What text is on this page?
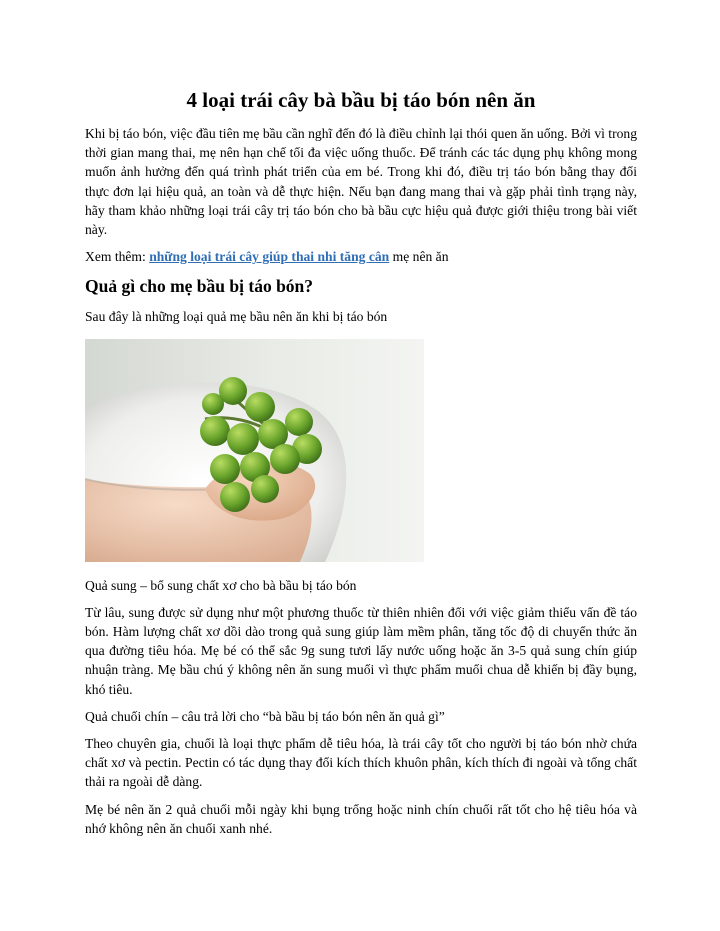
4 loại trái cây bà bầu bị táo bón nên ăn

Khi bị táo bón, việc đầu tiên mẹ bầu cần nghĩ đến đó là điều chỉnh lại thói quen ăn uống. Bởi vì trong thời gian mang thai, mẹ nên hạn chế tối đa việc uống thuốc. Để tránh các tác dụng phụ không mong muốn ảnh hưởng đến quá trình phát triển của em bé. Trong khi đó, điều trị táo bón bằng thay đổi thực đơn lại hiệu quả, an toàn và dễ thực hiện. Nếu bạn đang mang thai và gặp phải tình trạng này, hãy tham khảo những loại trái cây trị táo bón cho bà bầu cực hiệu quả được giới thiệu trong bài viết này.

Xem thêm: những loại trái cây giúp thai nhi tăng cân mẹ nên ăn

Quả gì cho mẹ bầu bị táo bón?

Sau đây là những loại quả mẹ bầu nên ăn khi bị táo bón

Quả sung – bổ sung chất xơ cho bà bầu bị táo bón

Từ lâu, sung được sử dụng như một phương thuốc từ thiên nhiên đối với việc giảm thiểu vấn đề táo bón. Hàm lượng chất xơ dồi dào trong quả sung giúp làm mềm phân, tăng tốc độ di chuyển thức ăn qua đường tiêu hóa. Mẹ bé có thể sắc 9g sung tươi lấy nước uống hoặc ăn 3-5 quả sung chín giúp nhuận tràng. Mẹ bầu chú ý không nên ăn sung muối vì thực phẩm muối chua dễ khiến bị đầy bụng, khó tiêu.

Quả chuối chín – câu trả lời cho “bà bầu bị táo bón nên ăn quả gì”

Theo chuyên gia, chuối là loại thực phẩm dễ tiêu hóa, là trái cây tốt cho người bị táo bón nhờ chứa chất xơ và pectin. Pectin có tác dụng thay đổi kích thích khuôn phân, kích thích đi ngoài và tống chất thải ra ngoài dễ dàng.

Mẹ bé nên ăn 2 quả chuối mỗi ngày khi bụng trống hoặc ninh chín chuối rất tốt cho hệ tiêu hóa và nhớ không nên ăn chuối xanh nhé.
